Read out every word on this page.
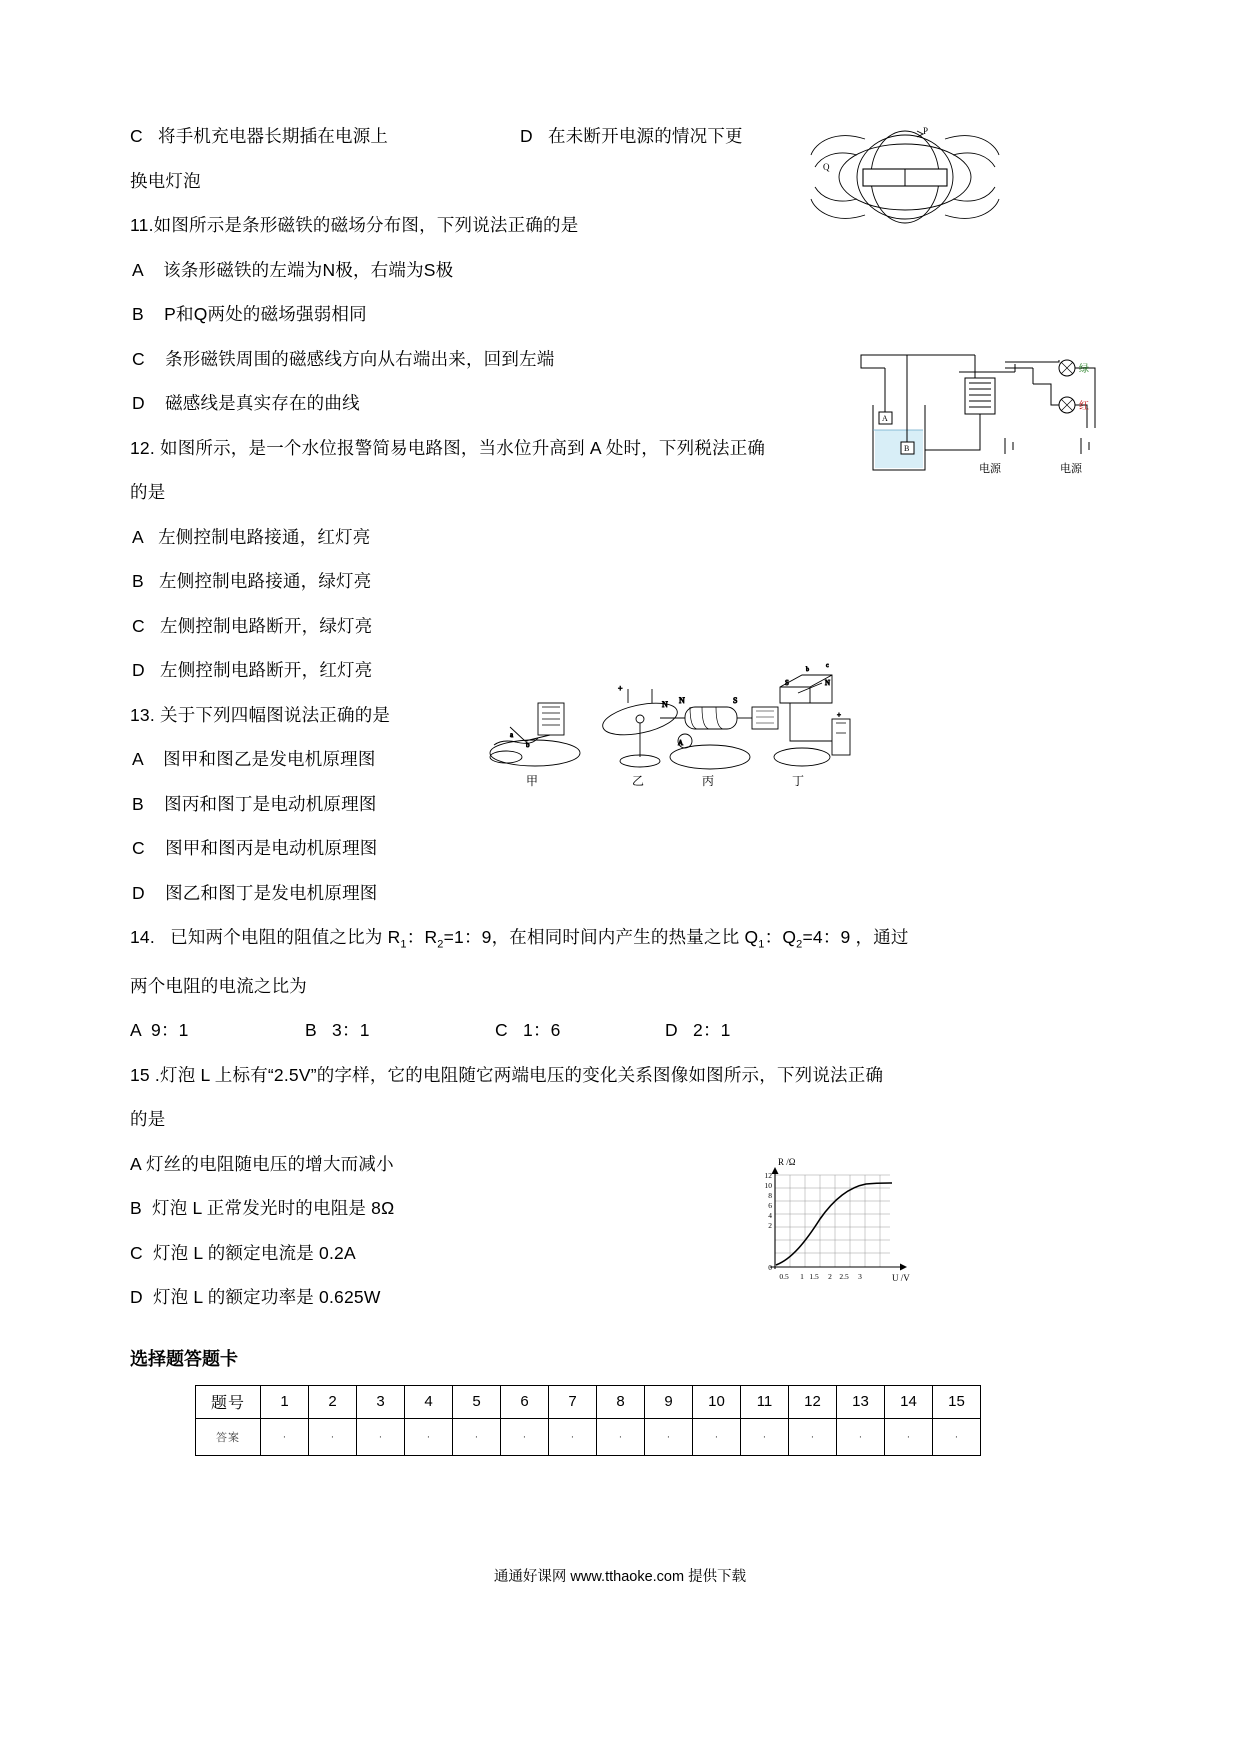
C   将手机充电器长期插在电源上	D   在未断开电源的情况下更
换电灯泡
11.如图所示是条形磁铁的磁场分布图，下列说法正确的是
A    该条形磁铁的左端为N极，右端为S极
B    P和Q两处的磁场强弱相同
C    条形磁铁周围的磁感线方向从右端出来，回到左端
D    磁感线是真实存在的曲线
12. 如图所示，是一个水位报警简易电路图，当水位升高到 A 处时，下列税法正确
的是
A   左侧控制电路接通，红灯亮
B   左侧控制电路接通，绿灯亮
C   左侧控制电路断开，绿灯亮
D   左侧控制电路断开，红灯亮
13. 关于下列四幅图说法正确的是
A    图甲和图乙是发电机原理图
B    图丙和图丁是电动机原理图
C    图甲和图丙是电动机原理图
D    图乙和图丁是发电机原理图
14.   已知两个电阻的阻值之比为 $R_1$：$R_2=1$：9，在相同时间内产生的热量之比 $Q_1$：$Q_2=4$：9 ，通过
两个电阻的电流之比为
A  9：1	B   3：1	C   1：6	D   2：1
15 .灯泡 L 上标有“2.5V”的字样，它的电阻随它两端电压的变化关系图像如图所示，下列说法正确
的是
A 灯丝的电阻随电压的增大而减小
B  灯泡 L 正常发光时的电阻是 8Ω
C  灯泡 L 的额定电流是 0.2A
D  灯泡 L 的额定功率是 0.625W
选择题答题卡
题号	1	2	3	4	5	6	7	8	9	10	11	12	13	14	15
答案	·	·	·	·	·	·	·	·	·	·	·	·	·	·	·
P
Q
A
B
绿
红
电源	电源
a
b
+
N N	S
A
S	N
b
c
+
甲	乙	丙	丁
R /Ω
U /V
12
10
8
6
4
2
0
0.5 1 1.5 2 2.5 3
通通好课网 www.tthaoke.com 提供下载
